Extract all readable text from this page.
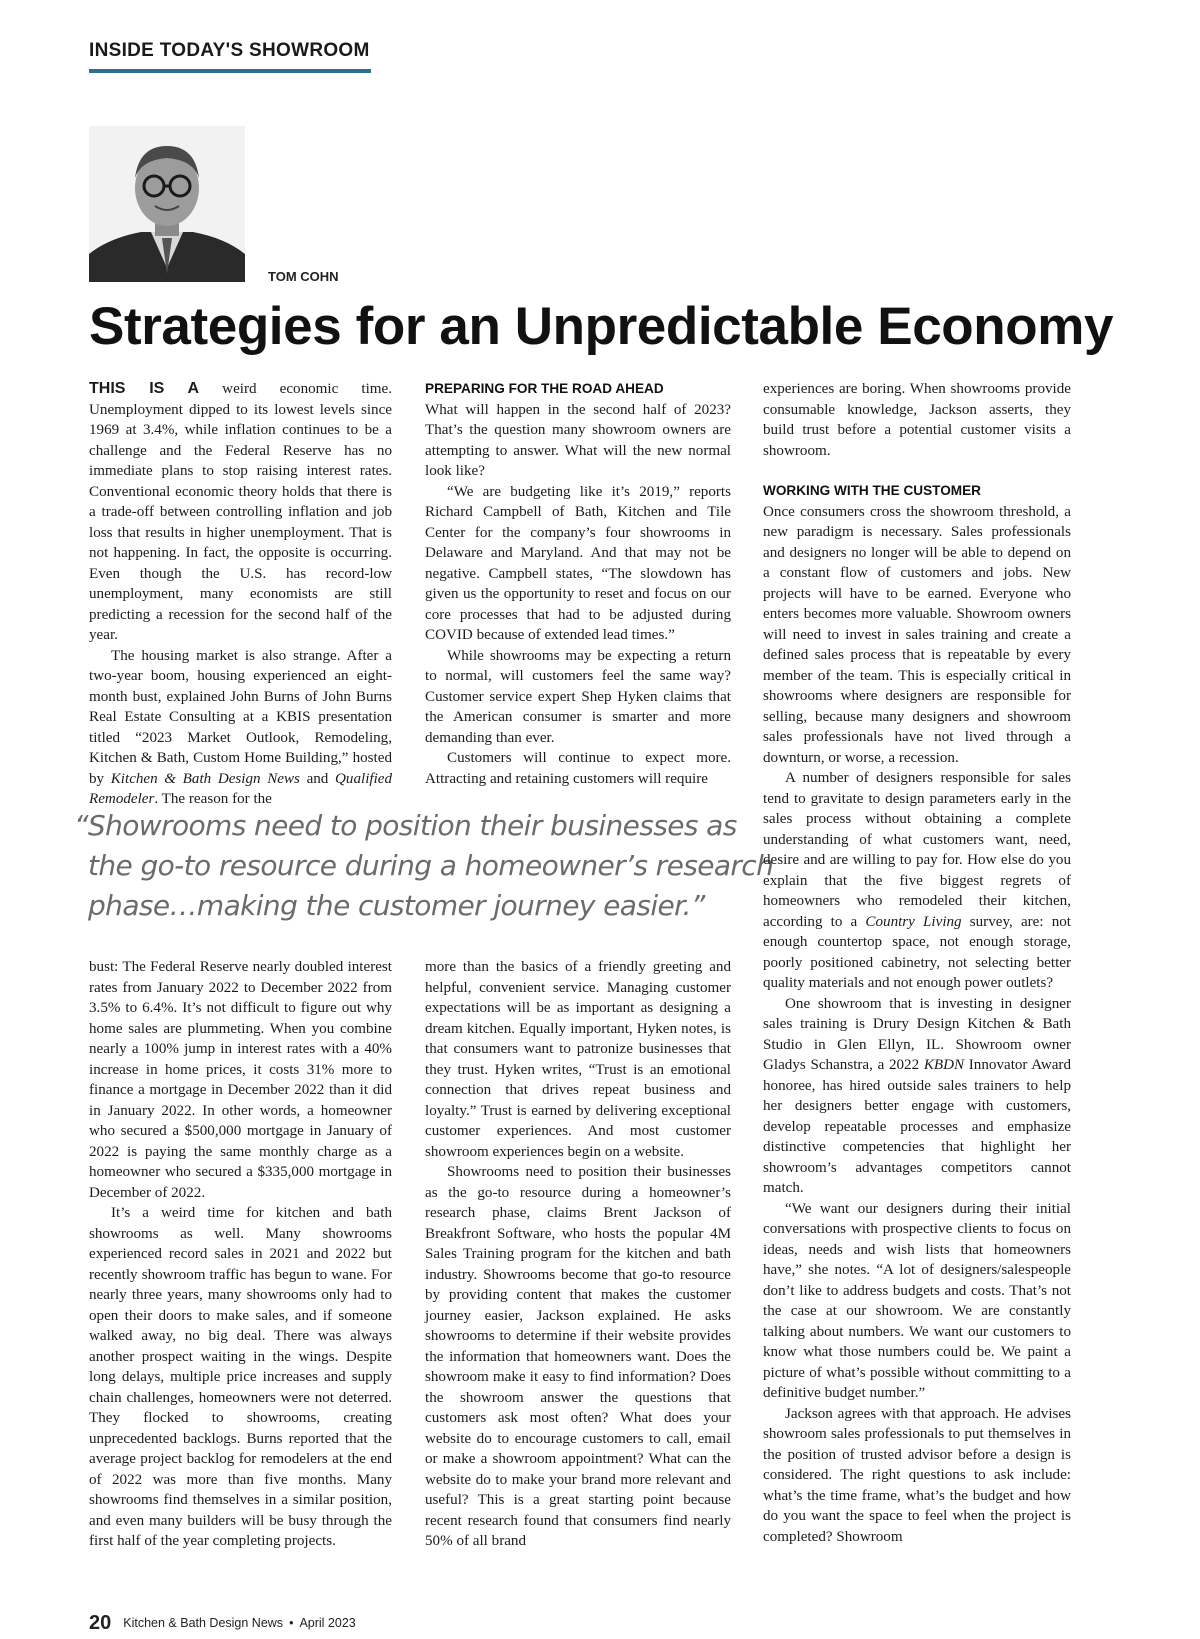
INSIDE TODAY'S SHOWROOM
TOM COHN
Strategies for an Unpredictable Economy

THIS IS A weird economic time. Unemployment dipped to its lowest levels since 1969 at 3.4%, while inflation continues to be a challenge and the Federal Reserve has no immediate plans to stop raising interest rates. Conventional economic theory holds that there is a trade-off between controlling inflation and job loss that results in higher unemployment. That is not happening. In fact, the opposite is occurring. Even though the U.S. has record-low unemployment, many economists are still predicting a recession for the second half of the year.

The housing market is also strange. After a two-year boom, housing experienced an eight-month bust, explained John Burns of John Burns Real Estate Consulting at a KBIS presentation titled “2023 Market Outlook, Remodeling, Kitchen & Bath, Custom Home Building,” hosted by Kitchen & Bath Design News and Qualified Remodeler. The reason for the

PREPARING FOR THE ROAD AHEAD

What will happen in the second half of 2023? That’s the question many showroom owners are attempting to answer. What will the new normal look like?

“We are budgeting like it’s 2019,” reports Richard Campbell of Bath, Kitchen and Tile Center for the company’s four showrooms in Delaware and Maryland. And that may not be negative. Campbell states, “The slowdown has given us the opportunity to reset and focus on our core processes that had to be adjusted during COVID because of extended lead times.”

While showrooms may be expecting a return to normal, will customers feel the same way? Customer service expert Shep Hyken claims that the American consumer is smarter and more demanding than ever.

Customers will continue to expect more. Attracting and retaining customers will require

“Showrooms need to position their businesses as
the go-to resource during a homeowner’s research
phase…making the customer journey easier.”

bust: The Federal Reserve nearly doubled interest rates from January 2022 to December 2022 from 3.5% to 6.4%. It’s not difficult to figure out why home sales are plummeting. When you combine nearly a 100% jump in interest rates with a 40% increase in home prices, it costs 31% more to finance a mortgage in December 2022 than it did in January 2022. In other words, a homeowner who secured a $500,000 mortgage in January of 2022 is paying the same monthly charge as a homeowner who secured a $335,000 mortgage in December of 2022.

It’s a weird time for kitchen and bath showrooms as well. Many showrooms experienced record sales in 2021 and 2022 but recently showroom traffic has begun to wane. For nearly three years, many showrooms only had to open their doors to make sales, and if someone walked away, no big deal. There was always another prospect waiting in the wings. Despite long delays, multiple price increases and supply chain challenges, homeowners were not deterred. They flocked to showrooms, creating unprecedented backlogs. Burns reported that the average project backlog for remodelers at the end of 2022 was more than five months. Many showrooms find themselves in a similar position, and even many builders will be busy through the first half of the year completing projects.

more than the basics of a friendly greeting and helpful, convenient service. Managing customer expectations will be as important as designing a dream kitchen. Equally important, Hyken notes, is that consumers want to patronize businesses that they trust. Hyken writes, “Trust is an emotional connection that drives repeat business and loyalty.” Trust is earned by delivering exceptional customer experiences. And most customer showroom experiences begin on a website.

Showrooms need to position their businesses as the go-to resource during a homeowner’s research phase, claims Brent Jackson of Breakfront Software, who hosts the popular 4M Sales Training program for the kitchen and bath industry. Showrooms become that go-to resource by providing content that makes the customer journey easier, Jackson explained. He asks showrooms to determine if their website provides the information that homeowners want. Does the showroom make it easy to find information? Does the showroom answer the questions that customers ask most often? What does your website do to encourage customers to call, email or make a showroom appointment? What can the website do to make your brand more relevant and useful? This is a great starting point because recent research found that consumers find nearly 50% of all brand

experiences are boring. When showrooms provide consumable knowledge, Jackson asserts, they build trust before a potential customer visits a showroom.

WORKING WITH THE CUSTOMER

Once consumers cross the showroom threshold, a new paradigm is necessary. Sales professionals and designers no longer will be able to depend on a constant flow of customers and jobs. New projects will have to be earned. Everyone who enters becomes more valuable. Showroom owners will need to invest in sales training and create a defined sales process that is repeatable by every member of the team. This is especially critical in showrooms where designers are responsible for selling, because many designers and showroom sales professionals have not lived through a downturn, or worse, a recession.

A number of designers responsible for sales tend to gravitate to design parameters early in the sales process without obtaining a complete understanding of what customers want, need, desire and are willing to pay for. How else do you explain that the five biggest regrets of homeowners who remodeled their kitchen, according to a Country Living survey, are: not enough countertop space, not enough storage, poorly positioned cabinetry, not selecting better quality materials and not enough power outlets?

One showroom that is investing in designer sales training is Drury Design Kitchen & Bath Studio in Glen Ellyn, IL. Showroom owner Gladys Schanstra, a 2022 KBDN Innovator Award honoree, has hired outside sales trainers to help her designers better engage with customers, develop repeatable processes and emphasize distinctive competencies that highlight her showroom’s advantages competitors cannot match.

“We want our designers during their initial conversations with prospective clients to focus on ideas, needs and wish lists that homeowners have,” she notes. “A lot of designers/salespeople don’t like to address budgets and costs. That’s not the case at our showroom. We are constantly talking about numbers. We want our customers to know what those numbers could be. We paint a picture of what’s possible without committing to a definitive budget number.”

Jackson agrees with that approach. He advises showroom sales professionals to put themselves in the position of trusted advisor before a design is considered. The right questions to ask include: what’s the time frame, what’s the budget and how do you want the space to feel when the project is completed? Showroom

20 Kitchen & Bath Design News • April 2023
